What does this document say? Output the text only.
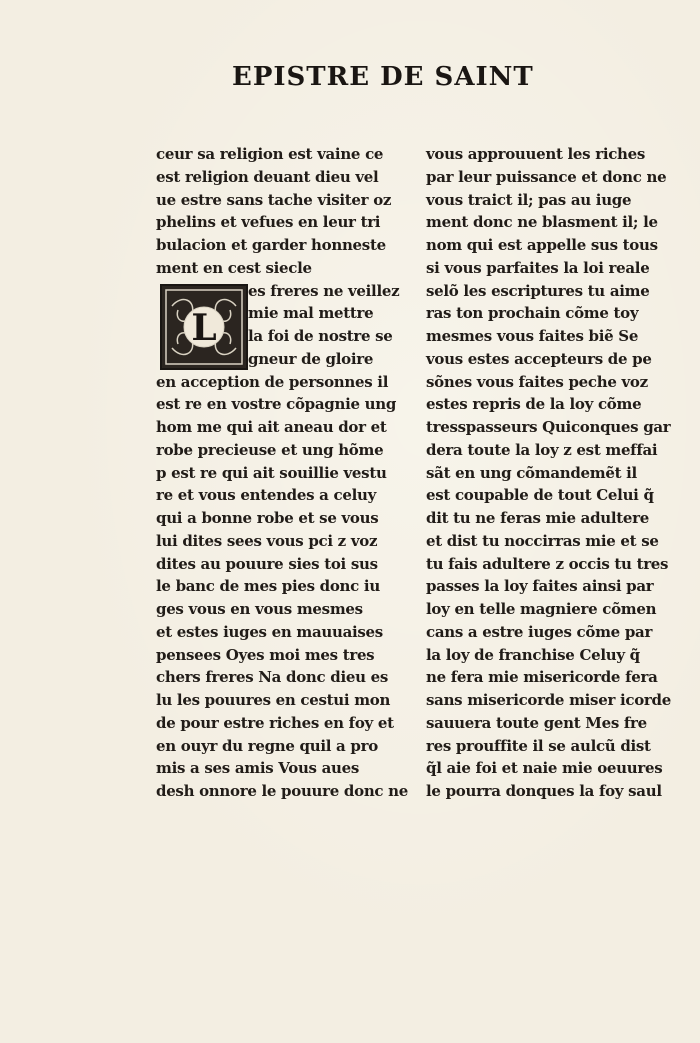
EPISTRE DE SAINT
L
ceur sa religion est vaine ce
est religion deuant dieu vel
ue estre sans tache visiter oz
phelins et vefues en leur tri
bulacion et garder honneste
ment en cest siecle
es freres ne veillez
mie mal mettre
la foi de nostre se
gneur de gloire
en acception de personnes il
est re en vostre cõpagnie ung
hom me qui ait aneau dor et
robe precieuse et ung hõme
p est re qui ait souillie vestu
re et vous entendes a celuy
qui a bonne robe et se vous
lui dites sees vous pci z voz
dites au pouure sies toi sus
le banc de mes pies donc iu
ges vous en vous mesmes
et estes iuges en mauuaises
pensees Oyes moi mes tres
chers freres Na donc dieu es
lu les pouures en cestui mon
de pour estre riches en foy et
en ouyr du regne quil a pro
mis a ses amis Vous aues
desh onnore le pouure donc ne
vous approuuent les riches
par leur puissance et donc ne
vous traict il; pas au iuge
ment donc ne blasment il; le
nom qui est appelle sus tous
si vous parfaites la loi reale
selõ les escriptures tu aime
ras ton prochain cõme toy
mesmes vous faites biẽ Se
vous estes accepteurs de pe
sõnes vous faites peche voz
estes repris de la loy cõme
tresspasseurs Quiconques gar
dera toute la loy z est meffai
sãt en ung cõmandemẽt il
est coupable de tout Celui q̃
dit tu ne feras mie adultere
et dist tu noccirras mie et se
tu fais adultere z occis tu tres
passes la loy faites ainsi par
loy en telle magniere cõmen
cans a estre iuges cõme par
la loy de franchise Celuy q̃
ne fera mie misericorde fera
sans misericorde miser icorde
sauuera toute gent Mes fre
res prouffite il se aulcũ dist
q̃l aie foi et naie mie oeuures
le pourra donques la foy saul
